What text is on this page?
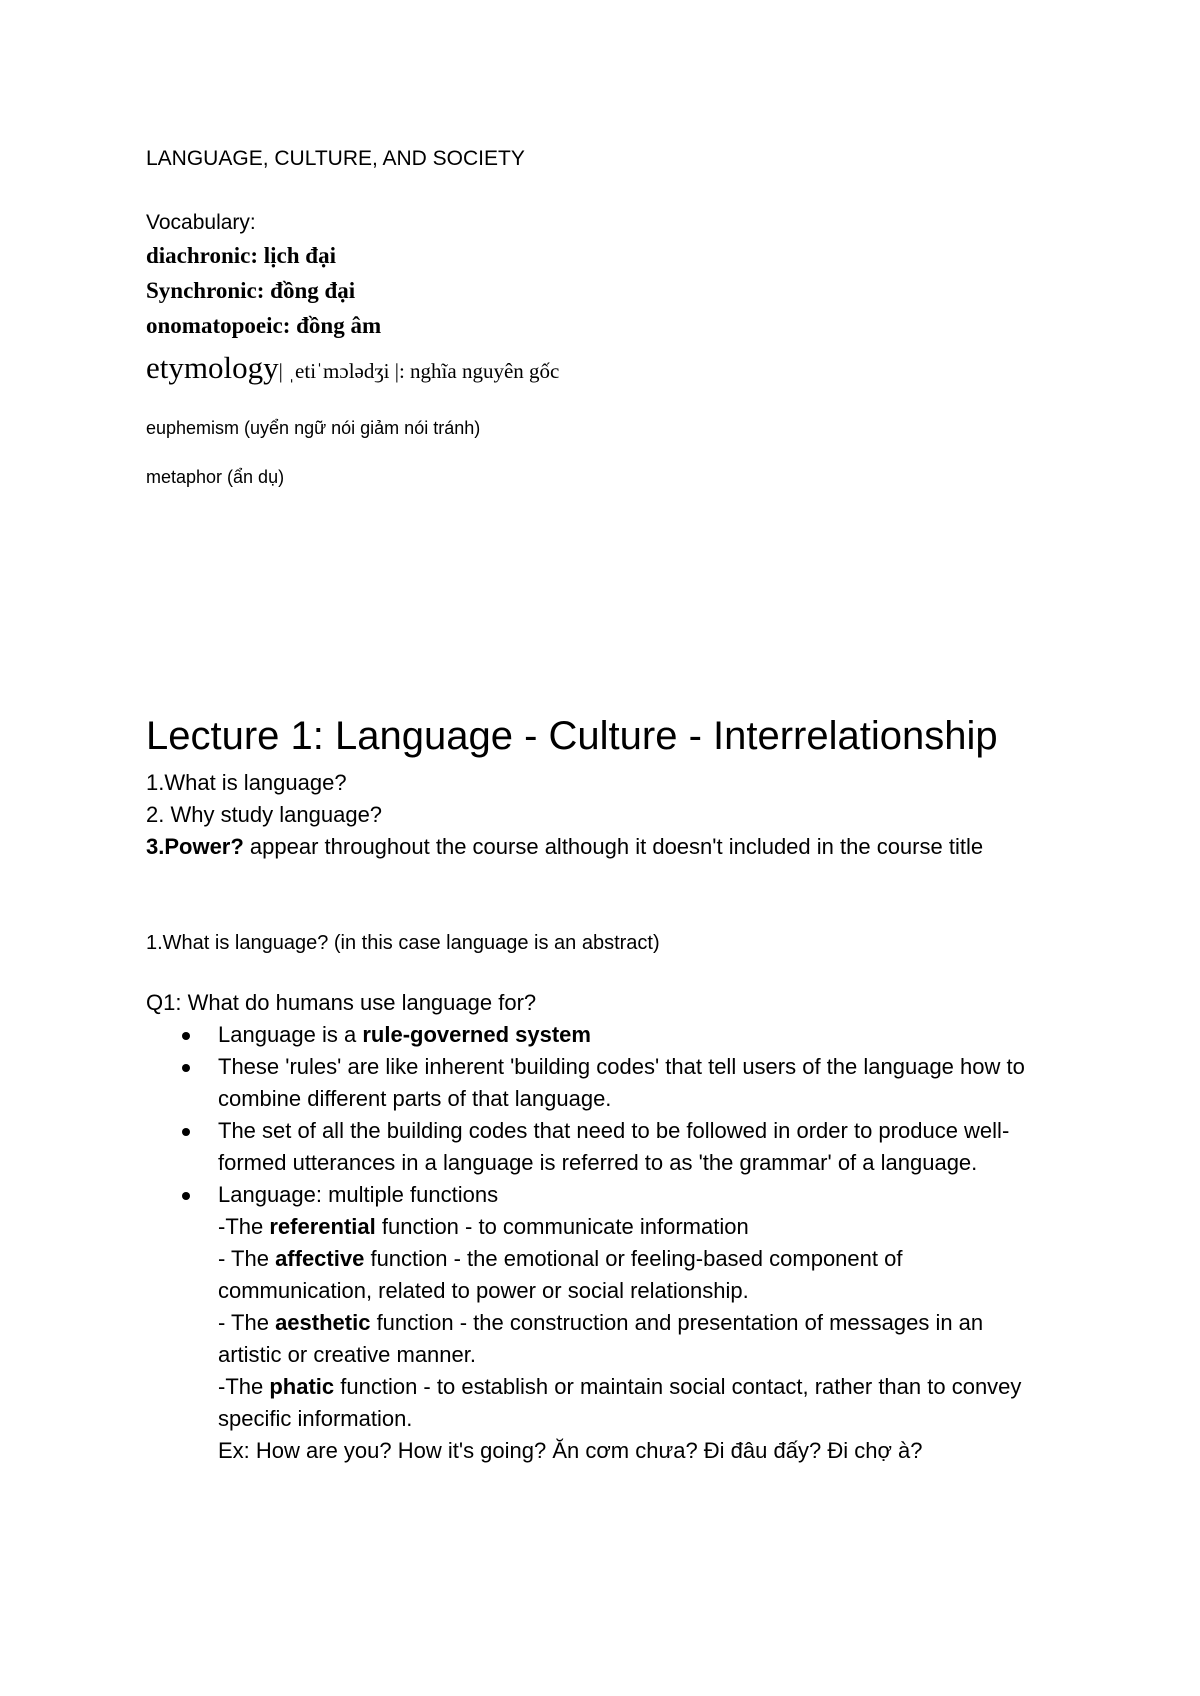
LANGUAGE, CULTURE, AND SOCIETY
Vocabulary:
diachronic: lịch đại
Synchronic: đồng đại
onomatopoeic: đồng âm
etymology| ˌetiˈmɔlədʒi |: nghĩa nguyên gốc
euphemism (uyển ngữ nói giảm nói tránh)
metaphor (ẩn dụ)
Lecture 1: Language - Culture - Interrelationship
1.What is language?
2. Why study language?
3.Power? appear throughout the course although it doesn't included in the course title
1.What is language? (in this case language is an abstract)
Q1: What do humans use language for?
Language is a rule-governed system
These 'rules' are like inherent 'building codes' that tell users of the language how to combine different parts of that language.
The set of all the building codes that need to be followed in order to produce well-formed utterances in a language is referred to as 'the grammar' of a language.
Language: multiple functions
-The referential function - to communicate information
- The affective function - the emotional or feeling-based component of communication, related to power or social relationship.
- The aesthetic function - the construction and presentation of messages in an artistic or creative manner.
-The phatic function - to establish or maintain social contact, rather than to convey specific information.
Ex: How are you? How it's going? Ăn cơm chưa? Đi đâu đấy? Đi chợ à?
